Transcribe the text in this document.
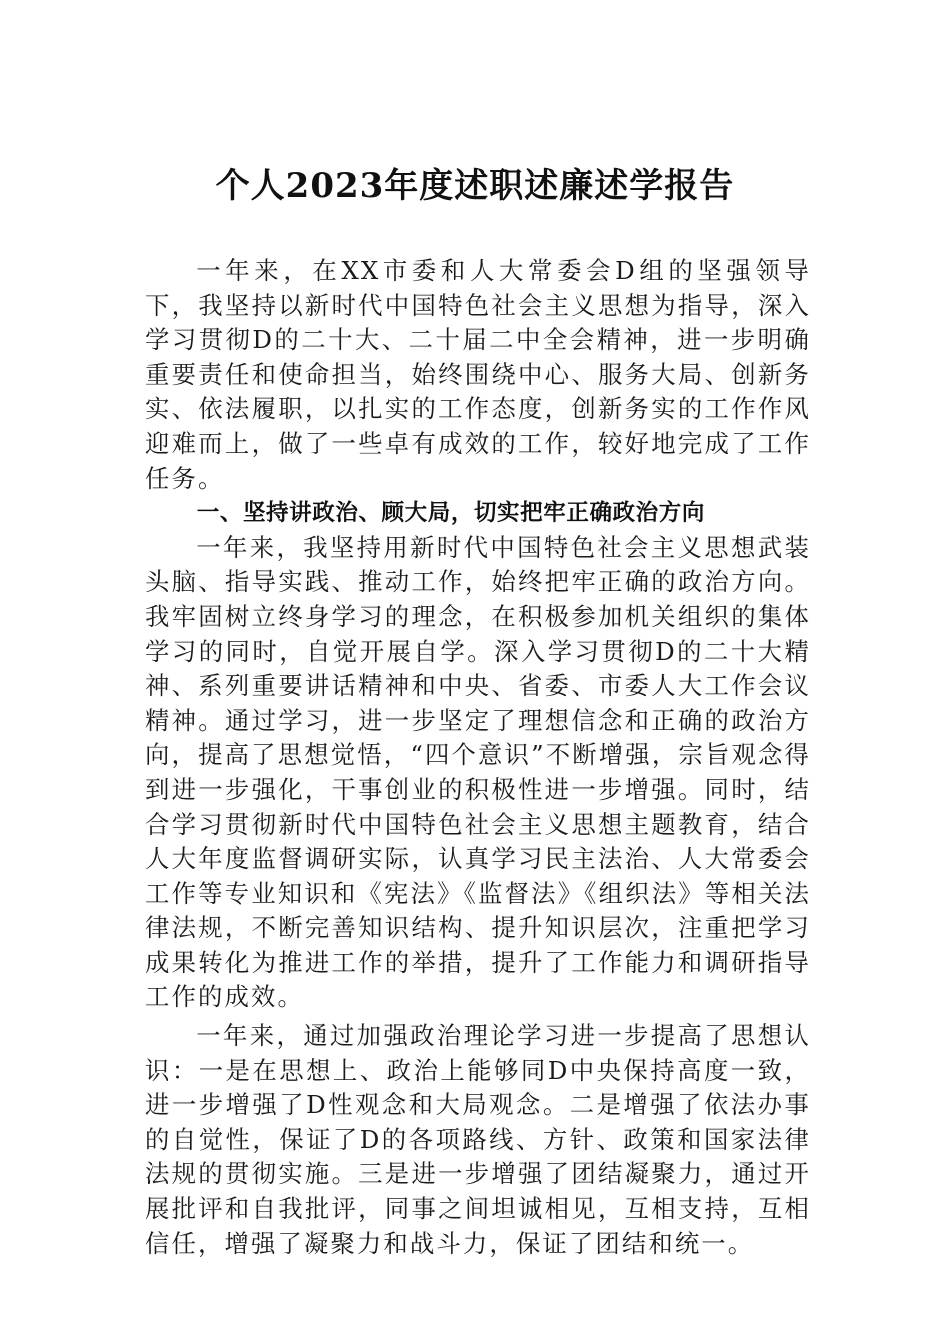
个人2023年度述职述廉述学报告

一年来，在XX市委和人大常委会D组的坚强领导下，我坚持以新时代中国特色社会主义思想为指导，深入学习贯彻D的二十大、二十届二中全会精神，进一步明确重要责任和使命担当，始终围绕中心、服务大局、创新务实、依法履职，以扎实的工作态度，创新务实的工作作风迎难而上，做了一些卓有成效的工作，较好地完成了工作任务。

一、坚持讲政治、顾大局，切实把牢正确政治方向

一年来，我坚持用新时代中国特色社会主义思想武装头脑、指导实践、推动工作，始终把牢正确的政治方向。我牢固树立终身学习的理念，在积极参加机关组织的集体学习的同时，自觉开展自学。深入学习贯彻D的二十大精神、系列重要讲话精神和中央、省委、市委人大工作会议精神。通过学习，进一步坚定了理想信念和正确的政治方向，提高了思想觉悟，“四个意识”不断增强，宗旨观念得到进一步强化，干事创业的积极性进一步增强。同时，结合学习贯彻新时代中国特色社会主义思想主题教育，结合人大年度监督调研实际，认真学习民主法治、人大常委会工作等专业知识和《宪法》《监督法》《组织法》等相关法律法规，不断完善知识结构、提升知识层次，注重把学习成果转化为推进工作的举措，提升了工作能力和调研指导工作的成效。

一年来，通过加强政治理论学习进一步提高了思想认识：一是在思想上、政治上能够同D中央保持高度一致，进一步增强了D性观念和大局观念。二是增强了依法办事的自觉性，保证了D的各项路线、方针、政策和国家法律法规的贯彻实施。三是进一步增强了团结凝聚力，通过开展批评和自我批评，同事之间坦诚相见，互相支持，互相信任，增强了凝聚力和战斗力，保证了团结和统一。
